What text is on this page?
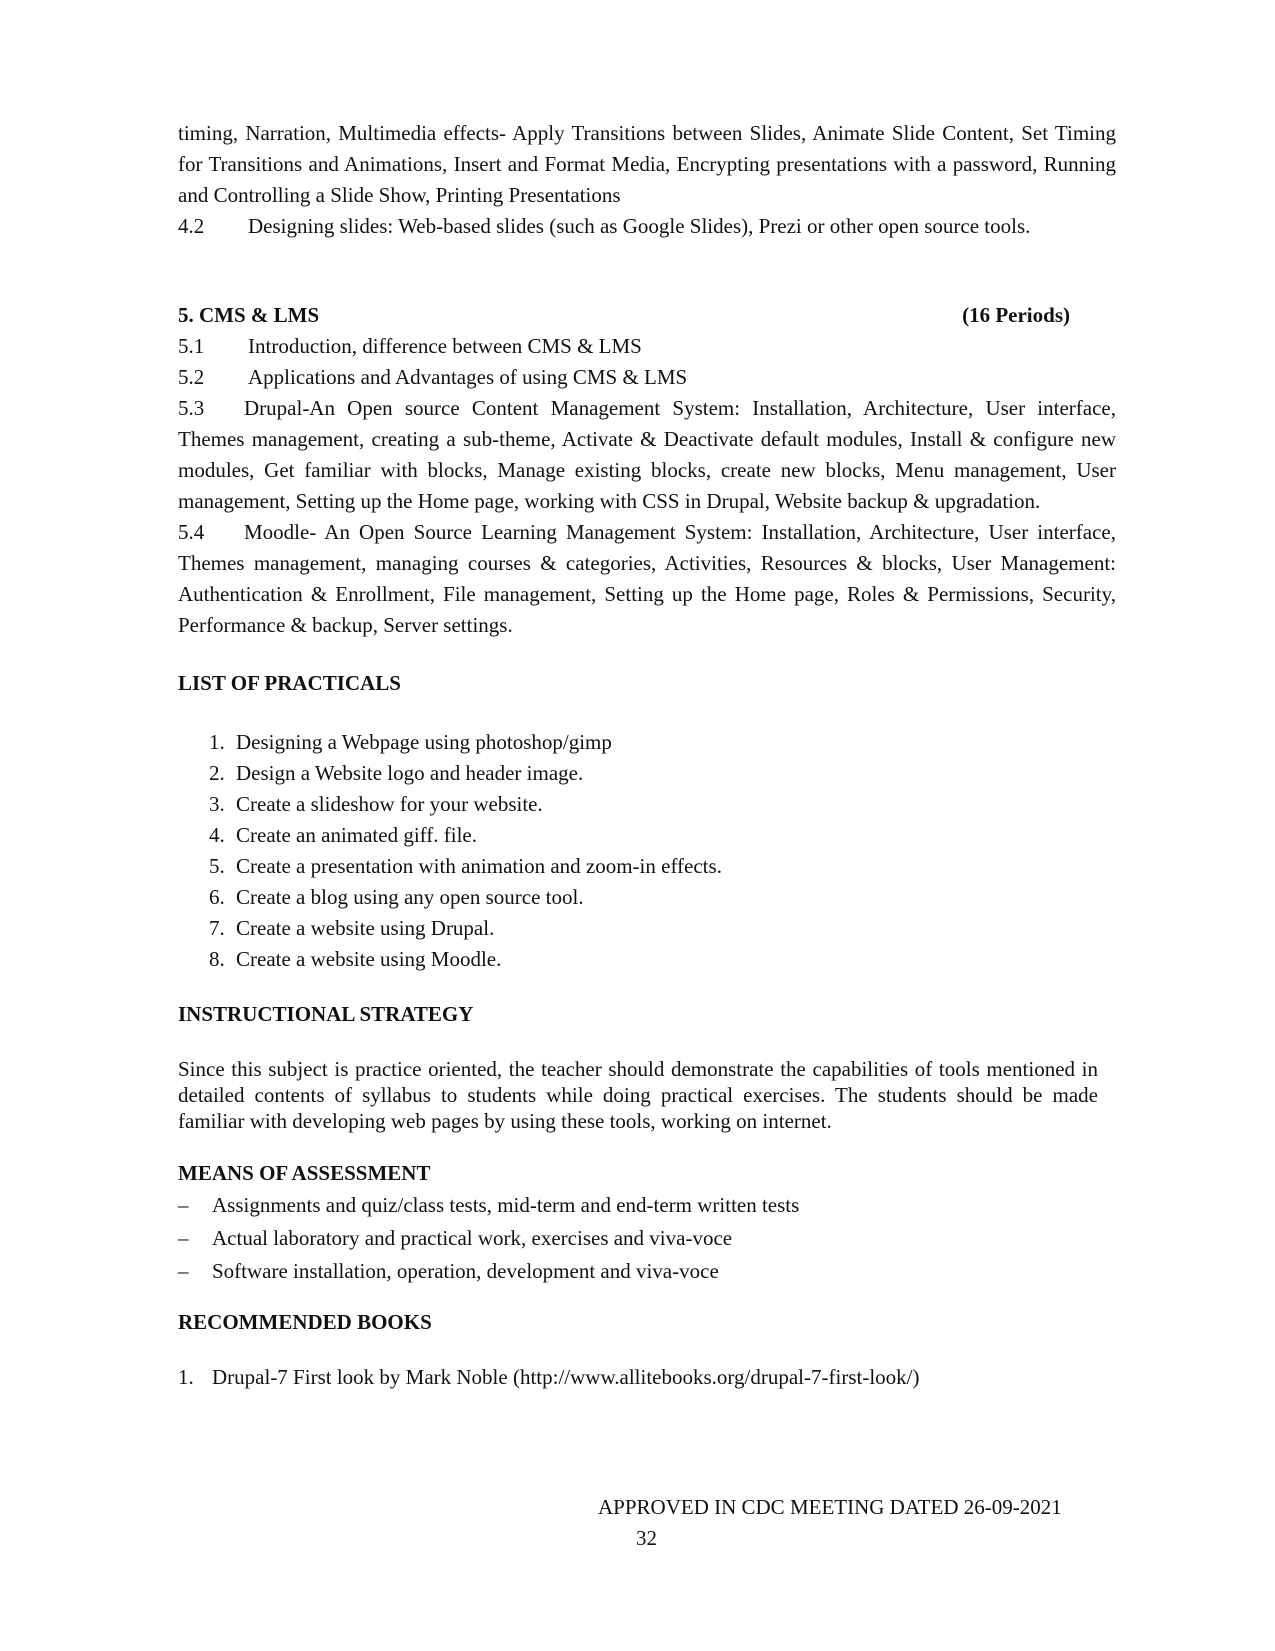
timing, Narration, Multimedia effects- Apply Transitions between Slides, Animate Slide Content, Set Timing for Transitions and Animations, Insert and Format Media, Encrypting presentations with a password, Running and Controlling a Slide Show, Printing Presentations

4.2	Designing slides: Web-based slides (such as Google Slides), Prezi or other open source tools.
5. CMS & LMS	(16 Periods)
5.1	Introduction, difference between CMS & LMS
5.2	Applications and Advantages of using CMS & LMS

5.3 Drupal-An Open source Content Management System: Installation, Architecture, User interface, Themes management, creating a sub-theme, Activate & Deactivate default modules, Install & configure new modules, Get familiar with blocks, Manage existing blocks, create new blocks, Menu management, User management, Setting up the Home page, working with CSS in Drupal, Website backup & upgradation.

5.4 Moodle- An Open Source Learning Management System: Installation, Architecture, User interface, Themes management, managing courses & categories, Activities, Resources & blocks, User Management: Authentication & Enrollment, File management, Setting up the Home page, Roles & Permissions, Security, Performance & backup, Server settings.

LIST OF PRACTICALS

1. Designing a Webpage using photoshop/gimp
2. Design a Website logo and header image.
3. Create a slideshow for your website.
4. Create an animated giff. file.
5. Create a presentation with animation and zoom-in effects.
6. Create a blog using any open source tool.
7. Create a website using Drupal.
8. Create a website using Moodle.

INSTRUCTIONAL STRATEGY

Since this subject is practice oriented, the teacher should demonstrate the capabilities of tools mentioned in detailed contents of syllabus to students while doing practical exercises. The students should be made familiar with developing web pages by using these tools, working on internet.

MEANS OF ASSESSMENT

–	Assignments and quiz/class tests, mid-term and end-term written tests
–	Actual laboratory and practical work, exercises and viva-voce
–	Software installation, operation, development and viva-voce

RECOMMENDED BOOKS

1. Drupal-7 First look by Mark Noble (http://www.allitebooks.org/drupal-7-first-look/)
APPROVED IN CDC MEETING DATED 26-09-2021
32
